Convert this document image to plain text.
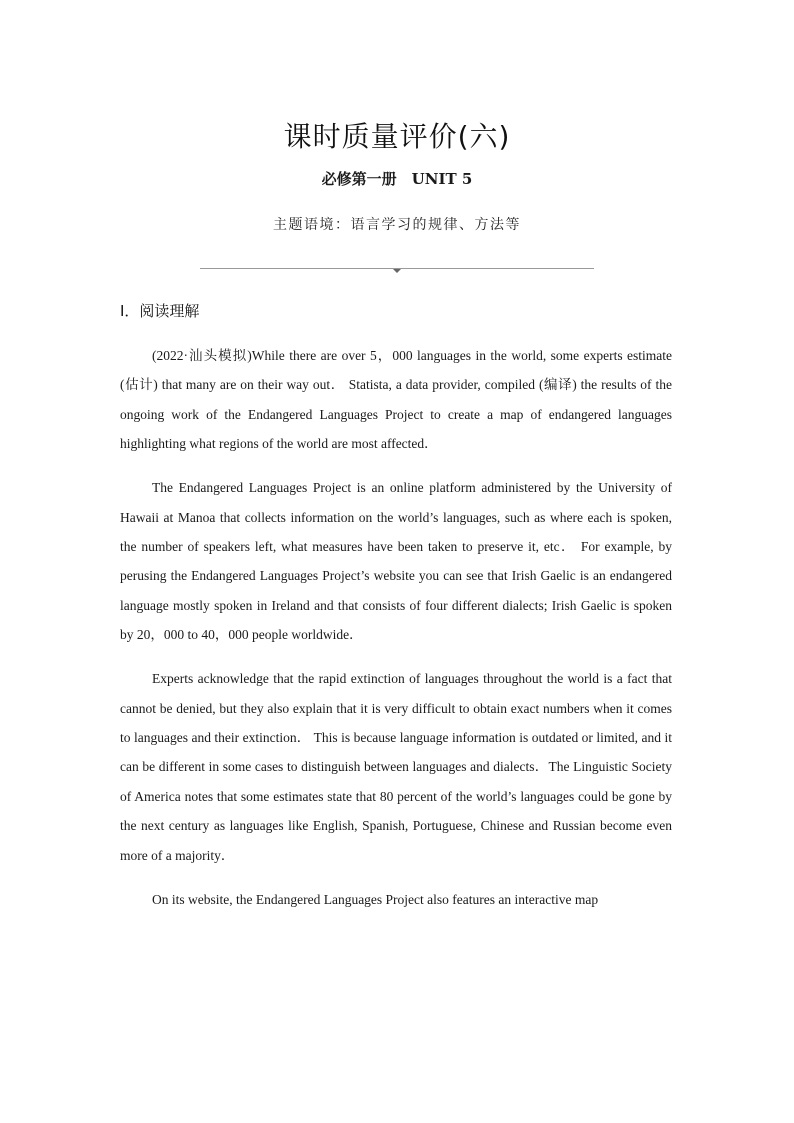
课时质量评价(六)
必修第一册　UNIT 5
主题语境：语言学习的规律、方法等
Ⅰ．阅读理解

(2022·汕头模拟)While there are over 5，000 languages in the world, some experts estimate (估计) that many are on their way out． Statista, a data provider, compiled (编译) the results of the ongoing work of the Endangered Languages Project to create a map of endangered languages highlighting what regions of the world are most affected．

The Endangered Languages Project is an online platform administered by the University of Hawaii at Manoa that collects information on the world’s languages, such as where each is spoken, the number of speakers left, what measures have been taken to preserve it, etc． For example, by perusing the Endangered Languages Project’s website you can see that Irish Gaelic is an endangered language mostly spoken in Ireland and that consists of four different dialects; Irish Gaelic is spoken by 20，000 to 40，000 people worldwide．

Experts acknowledge that the rapid extinction of languages throughout the world is a fact that cannot be denied, but they also explain that it is very difficult to obtain exact numbers when it comes to languages and their extinction． This is because language information is outdated or limited, and it can be different in some cases to distinguish between languages and dialects．The Linguistic Society of America notes that some estimates state that 80 percent of the world’s languages could be gone by the next century as languages like English, Spanish, Portuguese, Chinese and Russian become even more of a majority．

On its website, the Endangered Languages Project also features an interactive map
